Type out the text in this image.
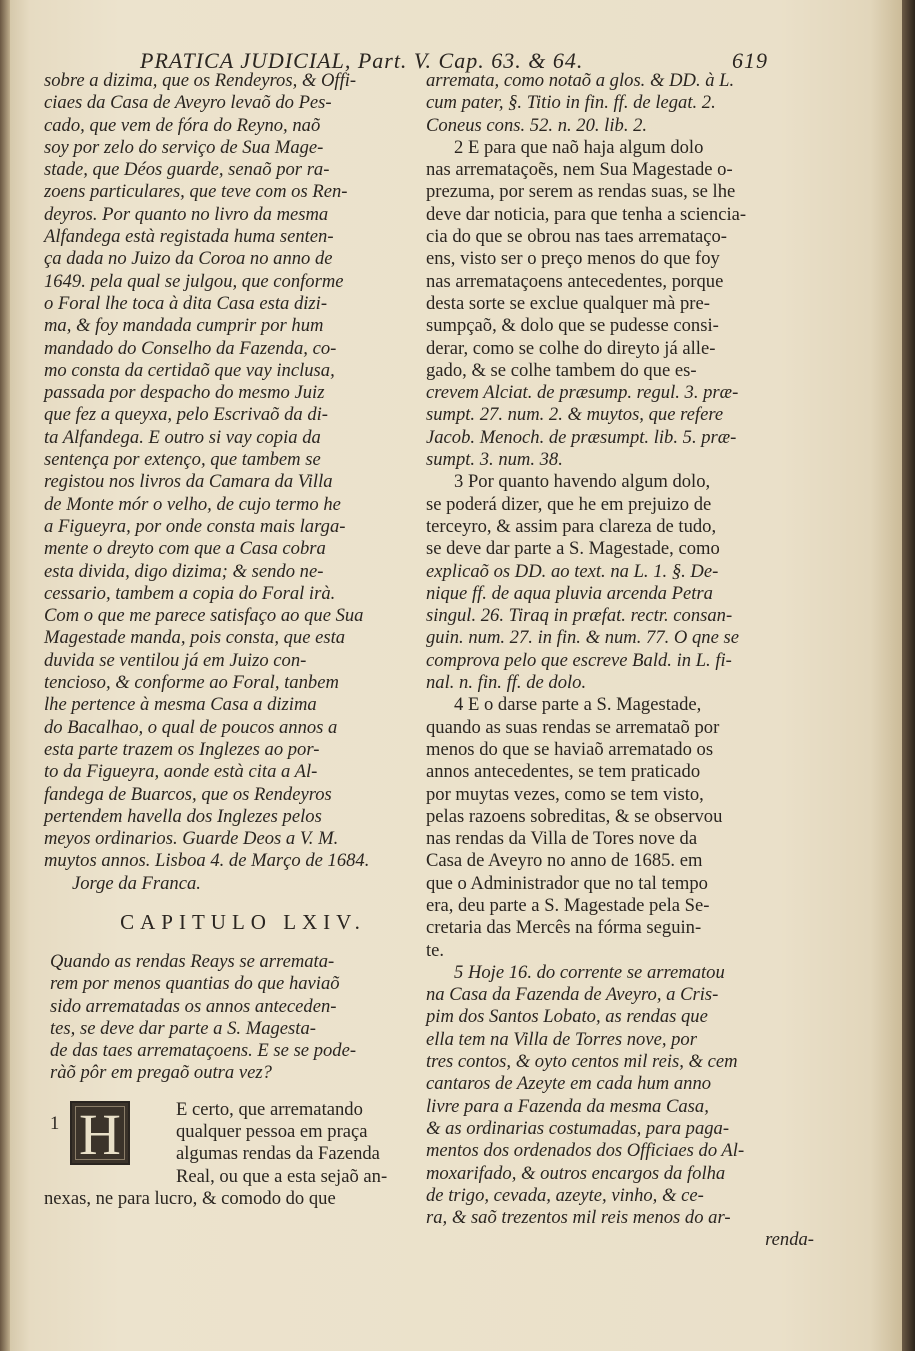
PRATICA JUDICIAL, Part. V. Cap. 63. & 64.	619
sobre a dizima, que os Rendeyros, & Offi-
ciaes da Casa de Aveyro levaõ do Pes-
cado, que vem de fóra do Reyno, naõ
soy por zelo do serviço de Sua Mage-
stade, que Déos guarde, senaõ por ra-
zoens particulares, que teve com os Ren-
deyros. Por quanto no livro da mesma
Alfandega està registada huma senten-
ça dada no Juizo da Coroa no anno de
1649. pela qual se julgou, que conforme
o Foral lhe toca à dita Casa esta dizi-
ma, & foy mandada cumprir por hum
mandado do Conselho da Fazenda, co-
mo consta da certidaõ que vay inclusa,
passada por despacho do mesmo Juiz
que fez a queyxa, pelo Escrivaõ da di-
ta Alfandega. E outro si vay copia da
sentença por extenço, que tambem se
registou nos livros da Camara da Villa
de Monte mór o velho, de cujo termo he
a Figueyra, por onde consta mais larga-
mente o dreyto com que a Casa cobra
esta divida, digo dizima; & sendo ne-
cessario, tambem a copia do Foral irà.
Com o que me parece satisfaço ao que Sua
Magestade manda, pois consta, que esta
duvida se ventilou já em Juizo con-
tencioso, & conforme ao Foral, tanbem
lhe pertence à mesma Casa a dizima
do Bacalhao, o qual de poucos annos a
esta parte trazem os Inglezes ao por-
to da Figueyra, aonde està cita a Al-
fandega de Buarcos, que os Rendeyros
pertendem havella dos Inglezes pelos
meyos ordinarios. Guarde Deos a V. M.
muytos annos. Lisboa 4. de Março de 1684.
Jorge da Franca.
CAPITULO LXIV.
Quando as rendas Reays se arremata-
rem por menos quantias do que haviaõ
sido arrematadas os annos anteceden-
tes, se deve dar parte a S. Magesta-
de das taes arremataçoens. E se se pode-
ràõ pôr em pregaõ outra vez?
1 H	E certo, que arrematando
qualquer pessoa em praça
algumas rendas da Fazenda
Real, ou que a esta sejaõ an-
nexas, ne para lucro, & comodo do que
arremata, como notaõ a glos. & DD. à L.
cum pater, §. Titio in fin. ff. de legat. 2.
Coneus cons. 52. n. 20. lib. 2.
2 E para que naõ haja algum dolo
nas arremataçoẽs, nem Sua Magestade o-
prezuma, por serem as rendas suas, se lhe
deve dar noticia, para que tenha a sciencia-
cia do que se obrou nas taes arremataço-
ens, visto ser o preço menos do que foy
nas arremataçoens antecedentes, porque
desta sorte se exclue qualquer mà pre-
sumpçaõ, & dolo que se pudesse consi-
derar, como se colhe do direyto já alle-
gado, & se colhe tambem do que es-
crevem Alciat. de præsump. regul. 3. præ-
sumpt. 27. num. 2. & muytos, que refere
Jacob. Menoch. de præsumpt. lib. 5. præ-
sumpt. 3. num. 38.
3 Por quanto havendo algum dolo,
se poderá dizer, que he em prejuizo de
terceyro, & assim para clareza de tudo,
se deve dar parte a S. Magestade, como
explicaõ os DD. ao text. na L. 1. §. De-
nique ff. de aqua pluvia arcenda Petra
singul. 26. Tiraq in præfat. rectr. consan-
guin. num. 27. in fin. & num. 77. O qne se
comprova pelo que escreve Bald. in L. fi-
nal. n. fin. ff. de dolo.
4 E o darse parte a S. Magestade,
quando as suas rendas se arremataõ por
menos do que se haviaõ arrematado os
annos antecedentes, se tem praticado
por muytas vezes, como se tem visto,
pelas razoens sobreditas, & se observou
nas rendas da Villa de Tores nove da
Casa de Aveyro no anno de 1685. em
que o Administrador que no tal tempo
era, deu parte a S. Magestade pela Se-
cretaria das Mercês na fórma seguin-
te.
5 Hoje 16. do corrente se arrematou
na Casa da Fazenda de Aveyro, a Cris-
pim dos Santos Lobato, as rendas que
ella tem na Villa de Torres nove, por
tres contos, & oyto centos mil reis, & cem
cantaros de Azeyte em cada hum anno
livre para a Fazenda da mesma Casa,
& as ordinarias costumadas, para paga-
mentos dos ordenados dos Officiaes do Al-
moxarifado, & outros encargos da folha
de trigo, cevada, azeyte, vinho, & ce-
ra, & saõ trezentos mil reis menos do ar-
renda-
